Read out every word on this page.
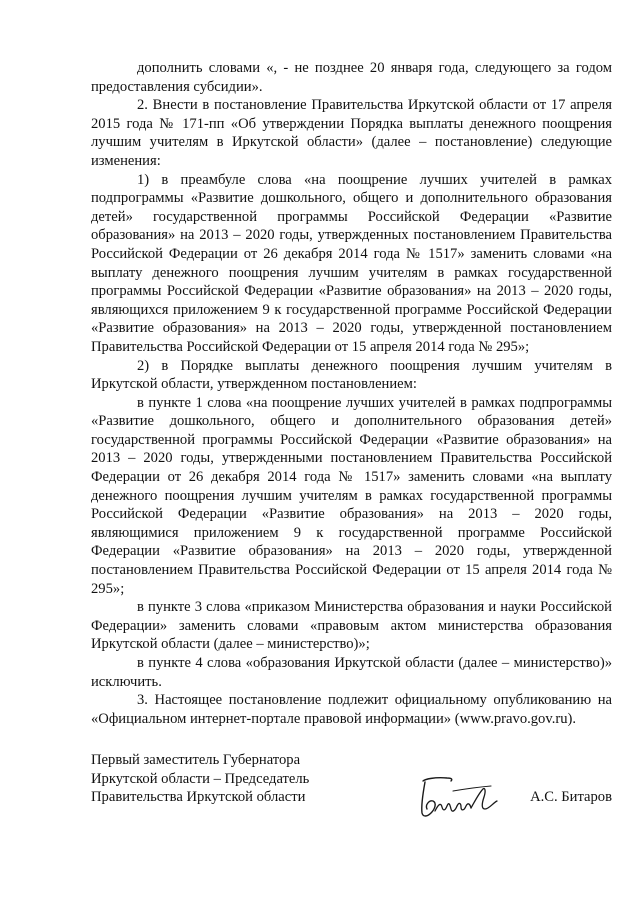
дополнить словами «, - не позднее 20 января года, следующего за годом предоставления субсидии».

2. Внести в постановление Правительства Иркутской области от 17 апреля 2015 года № 171-пп «Об утверждении Порядка выплаты денежного поощрения лучшим учителям в Иркутской области» (далее – постановление) следующие изменения:

1) в преамбуле слова «на поощрение лучших учителей в рамках подпрограммы «Развитие дошкольного, общего и дополнительного образования детей» государственной программы Российской Федерации «Развитие образования» на 2013 – 2020 годы, утвержденных постановлением Правительства Российской Федерации от 26 декабря 2014 года № 1517» заменить словами «на выплату денежного поощрения лучшим учителям в рамках государственной программы Российской Федерации «Развитие образования» на 2013 – 2020 годы, являющихся приложением 9 к государственной программе Российской Федерации «Развитие образования» на 2013 – 2020 годы, утвержденной постановлением Правительства Российской Федерации от 15 апреля 2014 года № 295»;

2) в Порядке выплаты денежного поощрения лучшим учителям в Иркутской области, утвержденном постановлением:

в пункте 1 слова «на поощрение лучших учителей в рамках подпрограммы «Развитие дошкольного, общего и дополнительного образования детей» государственной программы Российской Федерации «Развитие образования» на 2013 – 2020 годы, утвержденными постановлением Правительства Российской Федерации от 26 декабря 2014 года № 1517» заменить словами «на выплату денежного поощрения лучшим учителям в рамках государственной программы Российской Федерации «Развитие образования» на 2013 – 2020 годы, являющимися приложением 9 к государственной программе Российской Федерации «Развитие образования» на 2013 – 2020 годы, утвержденной постановлением Правительства Российской Федерации от 15 апреля 2014 года № 295»;

в пункте 3 слова «приказом Министерства образования и науки Российской Федерации» заменить словами «правовым актом министерства образования Иркутской области (далее – министерство)»;

в пункте 4 слова «образования Иркутской области (далее – министерство)» исключить.

3. Настоящее постановление подлежит официальному опубликованию на «Официальном интернет-портале правовой информации» (www.pravo.gov.ru).

Первый заместитель Губернатора
Иркутской области – Председатель
Правительства Иркутской области	А.С. Битаров
